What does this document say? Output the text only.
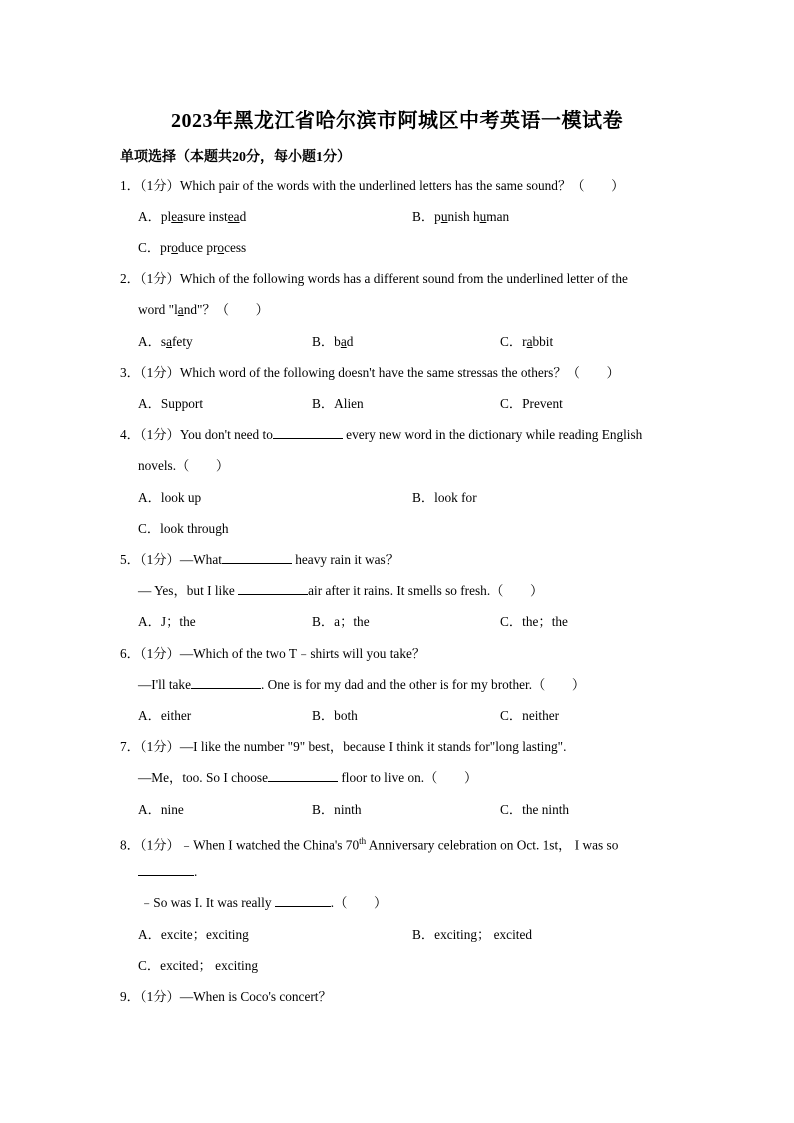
2023年黑龙江省哈尔滨市阿城区中考英语一模试卷
单项选择（本题共20分，每小题1分）
1．（1分）Which pair of the words with the underlined letters has the same sound？（　　）
A．pleasure instead	B．punish human
C．produce process
2．（1分）Which of the following words has a different sound from the underlined letter of the
word "land"？（　　）
A．safety	B．bad	C．rabbit
3．（1分）Which word of the following doesn't have the same stressas the others？（　　）
A．Support	B．Alien	C．Prevent
4．（1分）You don't need to	every new word in the dictionary while reading English
novels.（　　）
A．look up	B．look for
C．look through
5．（1分）—What	heavy rain it was？
— Yes，but I like	air after it rains. It smells so fresh.（　　）
A．J；the	B．a；the	C．the；the
6．（1分）—Which of the two T﹣shirts will you take？
—I'll take	. One is for my dad and the other is for my brother.（　　）
A．either	B．both	C．neither
7．（1分）—I like the number "9" best，because I think it stands for"long lasting".
—Me，too. So I choose	floor to live on.（　　）
A．nine	B．ninth	C．the ninth
8．（1分）﹣When I watched the China's 70th Anniversary celebration on Oct. 1st， I was so
.
﹣So was I. It was really	.（　　）
A．excite；exciting	B．exciting； excited
C．excited； exciting
9．（1分）—When is Coco's concert？
